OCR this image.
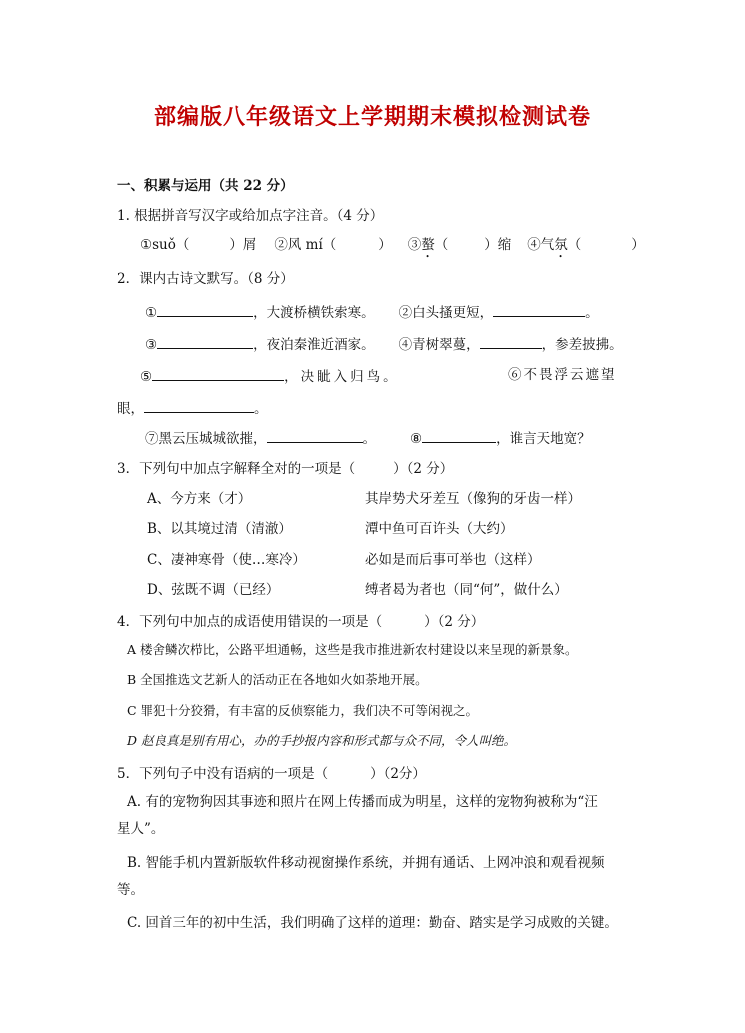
部编版八年级语文上学期期末模拟检测试卷
一、积累与运用（共 22 分）
1. 根据拼音写汉字或给加点字注音。（4 分）
①suǒ（	）屑 ②风 mí（	） ③螯（	）缩 ④气氛（	）
2．课内古诗文默写。（8 分）
①	，大渡桥横铁索寒。 ②白头搔更短，	。
③	，夜泊秦淮近酒家。 ④青树翠蔓，	，参差披拂。
⑤	，决眦入归鸟。	⑥不畏浮云遮望
眼，	。
⑦黑云压城城欲摧，	。	⑧	，谁言天地宽？
3．下列句中加点字解释全对的一项是（	）（2 分）
A、今方来（才）	其岸势犬牙差互（像狗的牙齿一样）
B、以其境过清（清澈）	潭中鱼可百许头（大约）
C、凄神寒骨（使…寒冷）	必如是而后事可举也（这样）
D、弦既不调（已经）	缚者曷为者也（同“何”，做什么）
4．下列句中加点的成语使用错误的一项是（	）（2 分）
A 楼舍鳞次栉比，公路平坦通畅，这些是我市推进新农村建设以来呈现的新景象。
B 全国推选文艺新人的活动正在各地如火如荼地开展。
C 罪犯十分狡猾，有丰富的反侦察能力，我们决不可等闲视之。
D 赵良真是别有用心，办的手抄报内容和形式都与众不同，令人叫绝。
5．下列句子中没有语病的一项是（	）（2分）
A. 有的宠物狗因其事迹和照片在网上传播而成为明星，这样的宠物狗被称为“汪
星人”。
B. 智能手机内置新版软件移动视窗操作系统，并拥有通话、上网冲浪和观看视频
等。
C. 回首三年的初中生活，我们明确了这样的道理：勤奋、踏实是学习成败的关键。
